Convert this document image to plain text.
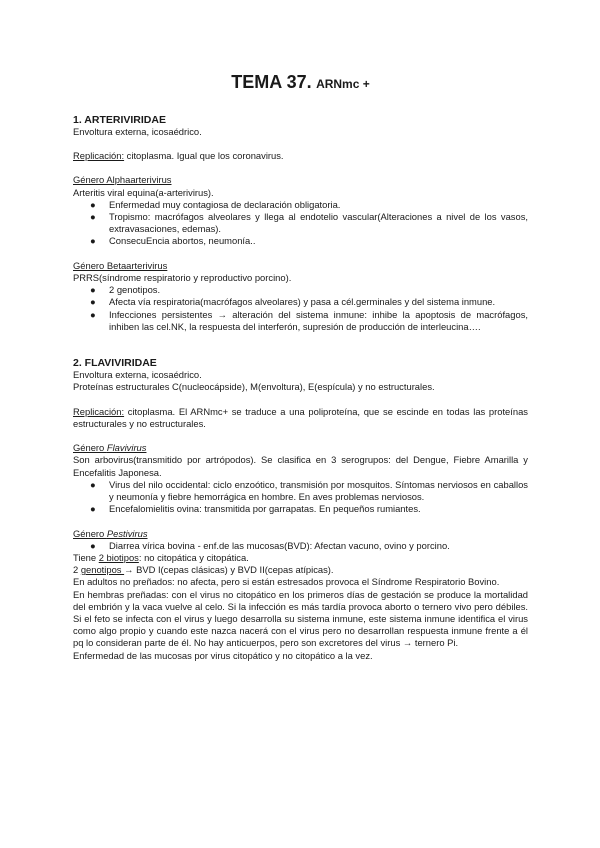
TEMA 37. ARNmc +
1. ARTERIVIRIDAE

Envoltura externa, icosaédrico.

Replicación: citoplasma. Igual que los coronavirus.

Género Alphaarterivirus

Arteritis viral equina(a-arterivirus).

● Enfermedad muy contagiosa de declaración obligatoria.
● Tropismo: macrófagos alveolares y llega al endotelio vascular(Alteraciones a nivel de los vasos, extravasaciones, edemas).
● ConsecuEncia abortos, neumonía..

Género Betaarterivirus

PRRS(síndrome respiratorio y reproductivo porcino).

● 2 genotipos.
● Afecta vía respiratoria(macrófagos alveolares) y pasa a cél.germinales y del sistema inmune.
● Infecciones persistentes → alteración del sistema inmune: inhibe la apoptosis de macrófagos, inhiben las cel.NK, la respuesta del interferón, supresión de producción de interleucina….
2. FLAVIVIRIDAE

Envoltura externa, icosaédrico.

Proteínas estructurales C(nucleocápside), M(envoltura), E(espícula) y no estructurales.

Replicación: citoplasma. El ARNmc+ se traduce a una poliproteína, que se escinde en todas las proteínas estructurales y no estructurales.

Género Flavivirus

Son arbovirus(transmitido por artrópodos). Se clasifica en 3 serogrupos: del Dengue, Fiebre Amarilla y Encefalitis Japonesa.

● Virus del nilo occidental: ciclo enzoótico, transmisión por mosquitos. Síntomas nerviosos en caballos y neumonía y fiebre hemorrágica en hombre. En aves problemas nerviosos.
● Encefalomielitis ovina: transmitida por garrapatas. En pequeños rumiantes.

Género Pestivirus

● Diarrea vírica bovina - enf.de las mucosas(BVD): Afectan vacuno, ovino y porcino.

Tiene 2 biotipos: no citopática y citopática.

2 genotipos → BVD I(cepas clásicas) y BVD II(cepas atípicas).

En adultos no preñados: no afecta, pero si están estresados provoca el Síndrome Respiratorio Bovino.

En hembras preñadas: con el virus no citopático en los primeros días de gestación se produce la mortalidad del embrión y la vaca vuelve al celo. Si la infección es más tardía provoca aborto o ternero vivo pero débiles. Si el feto se infecta con el virus y luego desarrolla su sistema inmune, este sistema inmune identifica el virus como algo propio y cuando este nazca nacerá con el virus pero no desarrollan respuesta inmune frente a él pq lo consideran parte de él. No hay anticuerpos, pero son excretores del virus → ternero Pi.

Enfermedad de las mucosas por virus citopático y no citopático a la vez.
